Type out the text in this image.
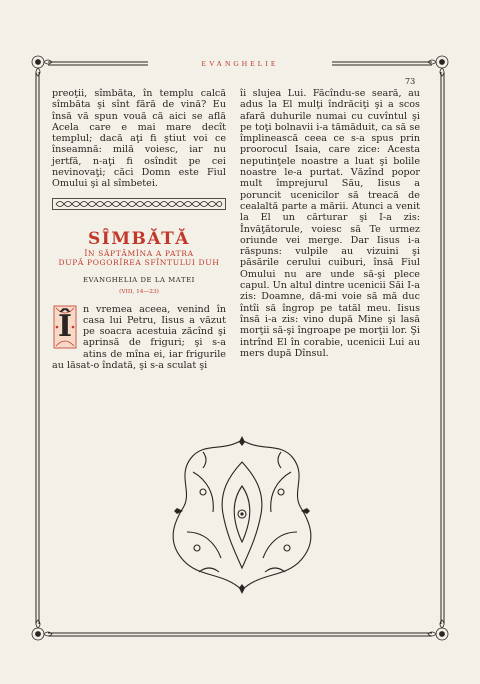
EVANGHELIE
73

preoţii, sîmbăta, în templu calcă sîmbăta şi sînt fără de vină? Eu însă vă spun vouă că aici se află Acela care e mai mare decît templul; dacă aţi fi ştiut voi ce înseamnă: milă voiesc, iar nu jertfă, n-aţi fi osîndit pe cei nevinovaţi; căci Domn este Fiul Omului şi al sîmbetei.

SÎMBĂTĂ
ÎN SĂPTĂMÎNA A PATRA
DUPĂ POGORÎREA SFÎNTULUI DUH
EVANGHELIA DE LA MATEI
(VIII, 14—23)
Î	n vremea aceea, venind în casa lui Petru, Iisus a văzut pe soacra acestuia zăcînd şi aprinsă de friguri; şi s-a atins de mîna ei, iar frigurile au lăsat-o îndată, şi s-a sculat şi

îi slujea Lui. Făcîndu-se seară, au adus la El mulţi îndrăciţi şi a scos afară duhurile numai cu cuvîntul şi pe toţi bolnavii i-a tămăduit, ca să se împlinească ceea ce s-a spus prin proorocul Isaia, care zice: Acesta neputinţele noastre a luat şi bolile noastre le-a purtat. Văzînd popor mult împrejurul Său, Iisus a poruncit ucenicilor să treacă de cealaltă parte a mării. Atunci a venit la El un cărturar şi I-a zis: Învăţătorule, voiesc să Te urmez oriunde vei merge. Dar Iisus i-a răspuns: vulpile au vizuini şi păsările cerului cuiburi, însă Fiul Omului nu are unde să-şi plece capul. Un altul dintre ucenicii Săi I-a zis: Doamne, dă-mi voie să mă duc întîi să îngrop pe tatăl meu. Iisus însă i-a zis: vino după Mine şi lasă morţii să-şi îngroape pe morţii lor. Şi intrînd El în corabie, ucenicii Lui au mers după Dînsul.
